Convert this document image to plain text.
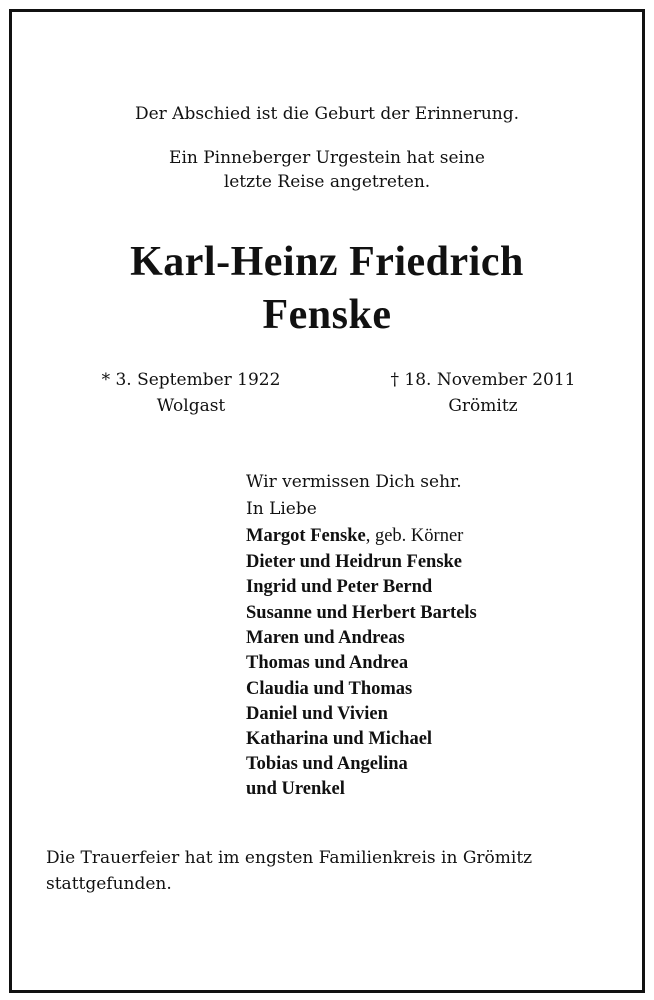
Der Abschied ist die Geburt der Erinnerung.
Ein Pinneberger Urgestein hat seine
letzte Reise angetreten.
Karl-Heinz Friedrich
Fenske
* 3. September 1922
Wolgast
† 18. November 2011
Grömitz
Wir vermissen Dich sehr.
In Liebe
Margot Fenske, geb. Körner
Dieter und Heidrun Fenske
Ingrid und Peter Bernd
Susanne und Herbert Bartels
Maren und Andreas
Thomas und Andrea
Claudia und Thomas
Daniel und Vivien
Katharina und Michael
Tobias und Angelina
und Urenkel
Die Trauerfeier hat im engsten Familienkreis in Grömitz
stattgefunden.
